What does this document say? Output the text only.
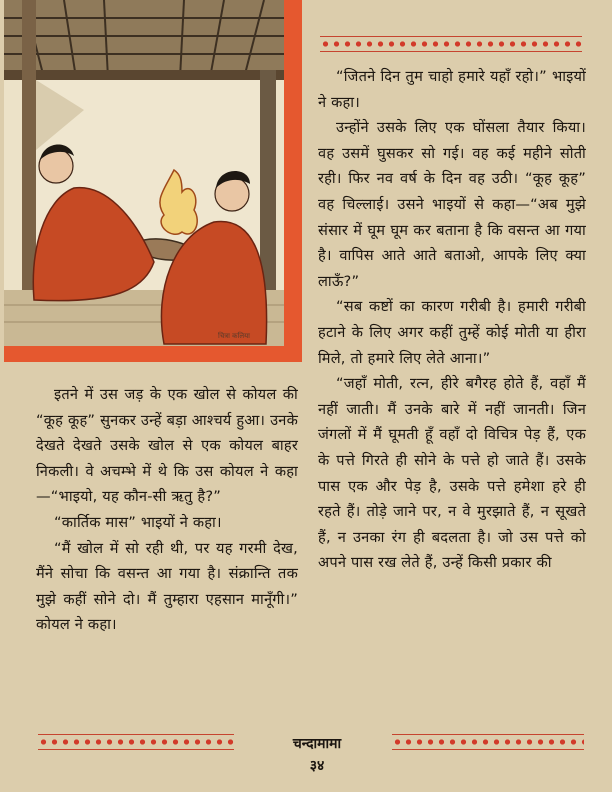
चित्रा कलिया

“जितने दिन तुम चाहो हमारे यहाँ रहो।” भाइयों ने कहा।

उन्होंने उसके लिए एक घोंसला तैयार किया। वह उसमें घुसकर सो गई। वह कई महीने सोती रही। फिर नव वर्ष के दिन वह उठी। “कूह कूह” वह चिल्लाई। उसने भाइयों से कहा—“अब मुझे संसार में घूम घूम कर बताना है कि वसन्त आ गया है। वापिस आते आते बताओ, आपके लिए क्या लाऊँ?”

“सब कष्टों का कारण गरीबी है। हमारी गरीबी हटाने के लिए अगर कहीं तुम्हें कोई मोती या हीरा मिले, तो हमारे लिए लेते आना।”

“जहाँ मोती, रत्न, हीरे बगैरह होते हैं, वहाँ मैं नहीं जाती। मैं उनके बारे में नहीं जानती। जिन जंगलों में मैं घूमती हूँ वहाँ दो विचित्र पेड़ हैं, एक के पत्ते गिरते ही सोने के पत्ते हो जाते हैं। उसके पास एक और पेड़ है, उसके पत्ते हमेशा हरे ही रहते हैं। तोड़े जाने पर, न वे मुरझाते हैं, न सूखते हैं, न उनका रंग ही बदलता है। जो उस पत्ते को अपने पास रख लेते हैं, उन्हें किसी प्रकार की

इतने में उस जड़ के एक खोल से कोयल की “कूह कूह” सुनकर उन्हें बड़ा आश्चर्य हुआ। उनके देखते देखते उसके खोल से एक कोयल बाहर निकली। वे अचम्भे में थे कि उस कोयल ने कहा—“भाइयो, यह कौन-सी ऋतु है?”

“कार्तिक मास” भाइयों ने कहा।

“मैं खोल में सो रही थी, पर यह गरमी देख, मैंने सोचा कि वसन्त आ गया है। संक्रान्ति तक मुझे कहीं सोने दो। मैं तुम्हारा एहसान मानूँगी।” कोयल ने कहा।

चन्दामामा
३४
